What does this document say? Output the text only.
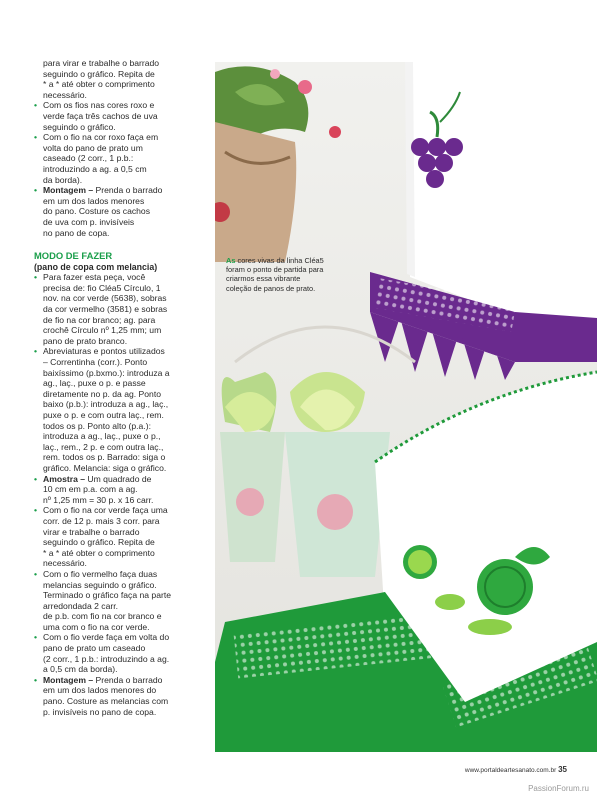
para virar e trabalhe o barrado

seguindo o gráfico. Repita de

* a * até obter o comprimento

necessário.

• Com os fios nas cores roxo e

verde faça três cachos de uva

seguindo o gráfico.

• Com o fio na cor roxo faça em

volta do pano de prato um

caseado (2 corr., 1 p.b.:

introduzindo a ag. a 0,5 cm

da borda).

• Montagem – Prenda o barrado

em um dos lados menores

do pano. Costure os cachos

de uva com p. invisíveis

no pano de copa.

MODO DE FAZER

(pano de copa com melancia)

• Para fazer esta peça, você

precisa de: fio Cléa5 Círculo, 1

nov. na cor verde (5638), sobras

da cor vermelho (3581) e sobras

de fio na cor branco; ag. para

crochê Círculo nº 1,25 mm; um

pano de prato branco.

• Abreviaturas e pontos utilizados

– Correntinha (corr.). Ponto

baixíssimo (p.bxmo.): introduza a

ag., laç., puxe o p. e passe

diretamente no p. da ag. Ponto

baixo (p.b.): introduza a ag., laç.,

puxe o p. e com outra laç., rem.

todos os p. Ponto alto (p.a.):

introduza a ag., laç., puxe o p.,

laç., rem., 2 p. e com outra laç.,

rem. todos os p. Barrado: siga o

gráfico. Melancia: siga o gráfico.

• Amostra – Um quadrado de

10 cm em p.a. com a ag.

nº 1,25 mm = 30 p. x 16 carr.

• Com o fio na cor verde faça uma

corr. de 12 p. mais 3 corr. para

virar e trabalhe o barrado

seguindo o gráfico. Repita de

* a * até obter o comprimento

necessário.

• Com o fio vermelho faça duas

melancias seguindo o gráfico.

Terminado o gráfico faça na parte

arredondada 2 carr.

de p.b. com fio na cor branco e

uma com o fio na cor verde.

• Com o fio verde faça em volta do

pano de prato um caseado

(2 corr., 1 p.b.: introduzindo a ag.

a 0,5 cm da borda).

• Montagem – Prenda o barrado

em um dos lados menores do

pano. Costure as melancias com

p. invisíveis no pano de copa.

As cores vivas da linha Cléa5

foram o ponto de partida para

criarmos essa vibrante

coleção de panos de prato.

www.portaldeartesanato.com.br 35
PassionForum.ru
